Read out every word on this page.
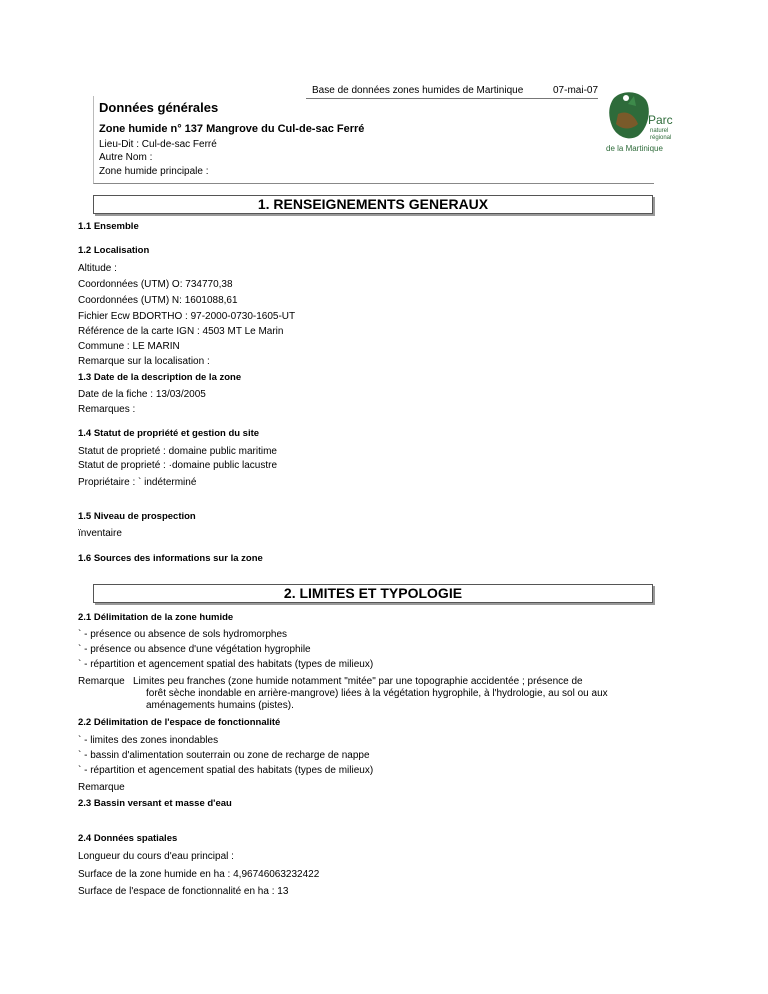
Base de données zones humides de Martinique	07-mai-07
Parc
naturel
régional
de la Martinique
Données générales
Zone humide n° 137 Mangrove du Cul-de-sac Ferré
Lieu-Dit : Cul-de-sac Ferré
Autre Nom :
Zone humide principale :
1. RENSEIGNEMENTS GENERAUX
1.1 Ensemble
1.2 Localisation
Altitude :
Coordonnées (UTM) O: 734770,38
Coordonnées (UTM) N: 1601088,61
Fichier Ecw BDORTHO : 97-2000-0730-1605-UT
Référence de la carte IGN : 4503 MT Le Marin
Commune : LE MARIN
Remarque sur la localisation :
1.3 Date de la description de la zone
Date de la fiche : 13/03/2005
Remarques :
1.4 Statut de propriété et gestion du site
Statut de proprieté : domaine public maritime
Statut de proprieté : ·domaine public lacustre
Propriétaire : ` indéterminé
1.5 Niveau de prospection
ïnventaire
1.6 Sources des informations sur la zone
2. LIMITES ET TYPOLOGIE
2.1 Délimitation de la zone humide
` - présence ou absence de sols hydromorphes
` - présence ou absence d'une végétation hygrophile
` - répartition et agencement spatial des habitats (types de milieux)
Remarque Limites peu franches (zone humide notamment "mitée" par une topographie accidentée ; présence de
forêt sèche inondable en arrière-mangrove) liées à la végétation hygrophile, à l'hydrologie, au sol ou aux
aménagements humains (pistes).
2.2 Délimitation de l'espace de fonctionnalité
` - limites des zones inondables
` - bassin d'alimentation souterrain ou zone de recharge de nappe
` - répartition et agencement spatial des habitats (types de milieux)
Remarque
2.3 Bassin versant et masse d'eau
2.4 Données spatiales
Longueur du cours d'eau principal :
Surface de la zone humide en ha : 4,96746063232422
Surface de l'espace de fonctionnalité en ha : 13
